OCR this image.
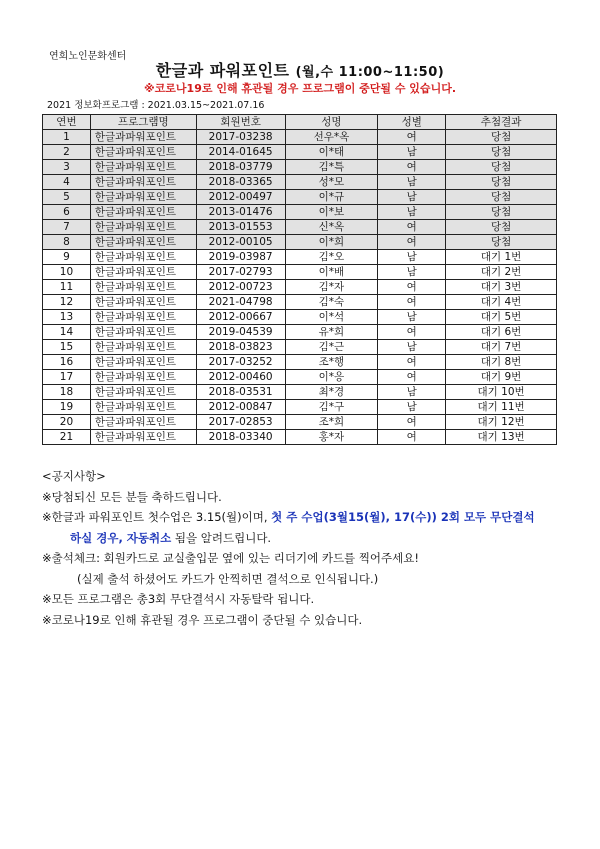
연희노인문화센터
한글과 파워포인트 (월,수 11:00~11:50)
※코로나19로 인해 휴관될 경우 프로그램이 중단될 수 있습니다.
2021 정보화프로그램 : 2021.03.15~2021.07.16
연번	프로그램명	회원번호	성명	성별	추첨결과
1	한글과파워포인트	2017-03238	선우*옥	여	당첨
2	한글과파워포인트	2014-01645	이*태	남	당첨
3	한글과파워포인트	2018-03779	김*특	여	당첨
4	한글과파워포인트	2018-03365	성*모	남	당첨
5	한글과파워포인트	2012-00497	이*규	남	당첨
6	한글과파워포인트	2013-01476	이*보	남	당첨
7	한글과파워포인트	2013-01553	신*옥	여	당첨
8	한글과파워포인트	2012-00105	이*희	여	당첨
9	한글과파워포인트	2019-03987	김*오	남	대기 1번
10	한글과파워포인트	2017-02793	이*배	남	대기 2번
11	한글과파워포인트	2012-00723	김*자	여	대기 3번
12	한글과파워포인트	2021-04798	김*숙	여	대기 4번
13	한글과파워포인트	2012-00667	이*석	남	대기 5번
14	한글과파워포인트	2019-04539	유*희	여	대기 6번
15	한글과파워포인트	2018-03823	김*근	남	대기 7번
16	한글과파워포인트	2017-03252	조*행	여	대기 8번
17	한글과파워포인트	2012-00460	이*응	여	대기 9번
18	한글과파워포인트	2018-03531	최*경	남	대기 10번
19	한글과파워포인트	2012-00847	김*구	남	대기 11번
20	한글과파워포인트	2017-02853	조*희	여	대기 12번
21	한글과파워포인트	2018-03340	홍*자	여	대기 13번

<공지사항>

※당첨되신 모든 분들 축하드립니다.

※한글과 파워포인트 첫수업은 3.15(월)이며, 첫 주 수업(3월15(월), 17(수)) 2회 모두 무단결석

하실 경우, 자동취소 됨을 알려드립니다.

※출석체크: 회원카드로 교실출입문 옆에 있는 리더기에 카드를 찍어주세요!

(실제 출석 하셨어도 카드가 안찍히면 결석으로 인식됩니다.)

※모든 프로그램은 총3회 무단결석시 자동탈락 됩니다.

※코로나19로 인해 휴관될 경우 프로그램이 중단될 수 있습니다.
